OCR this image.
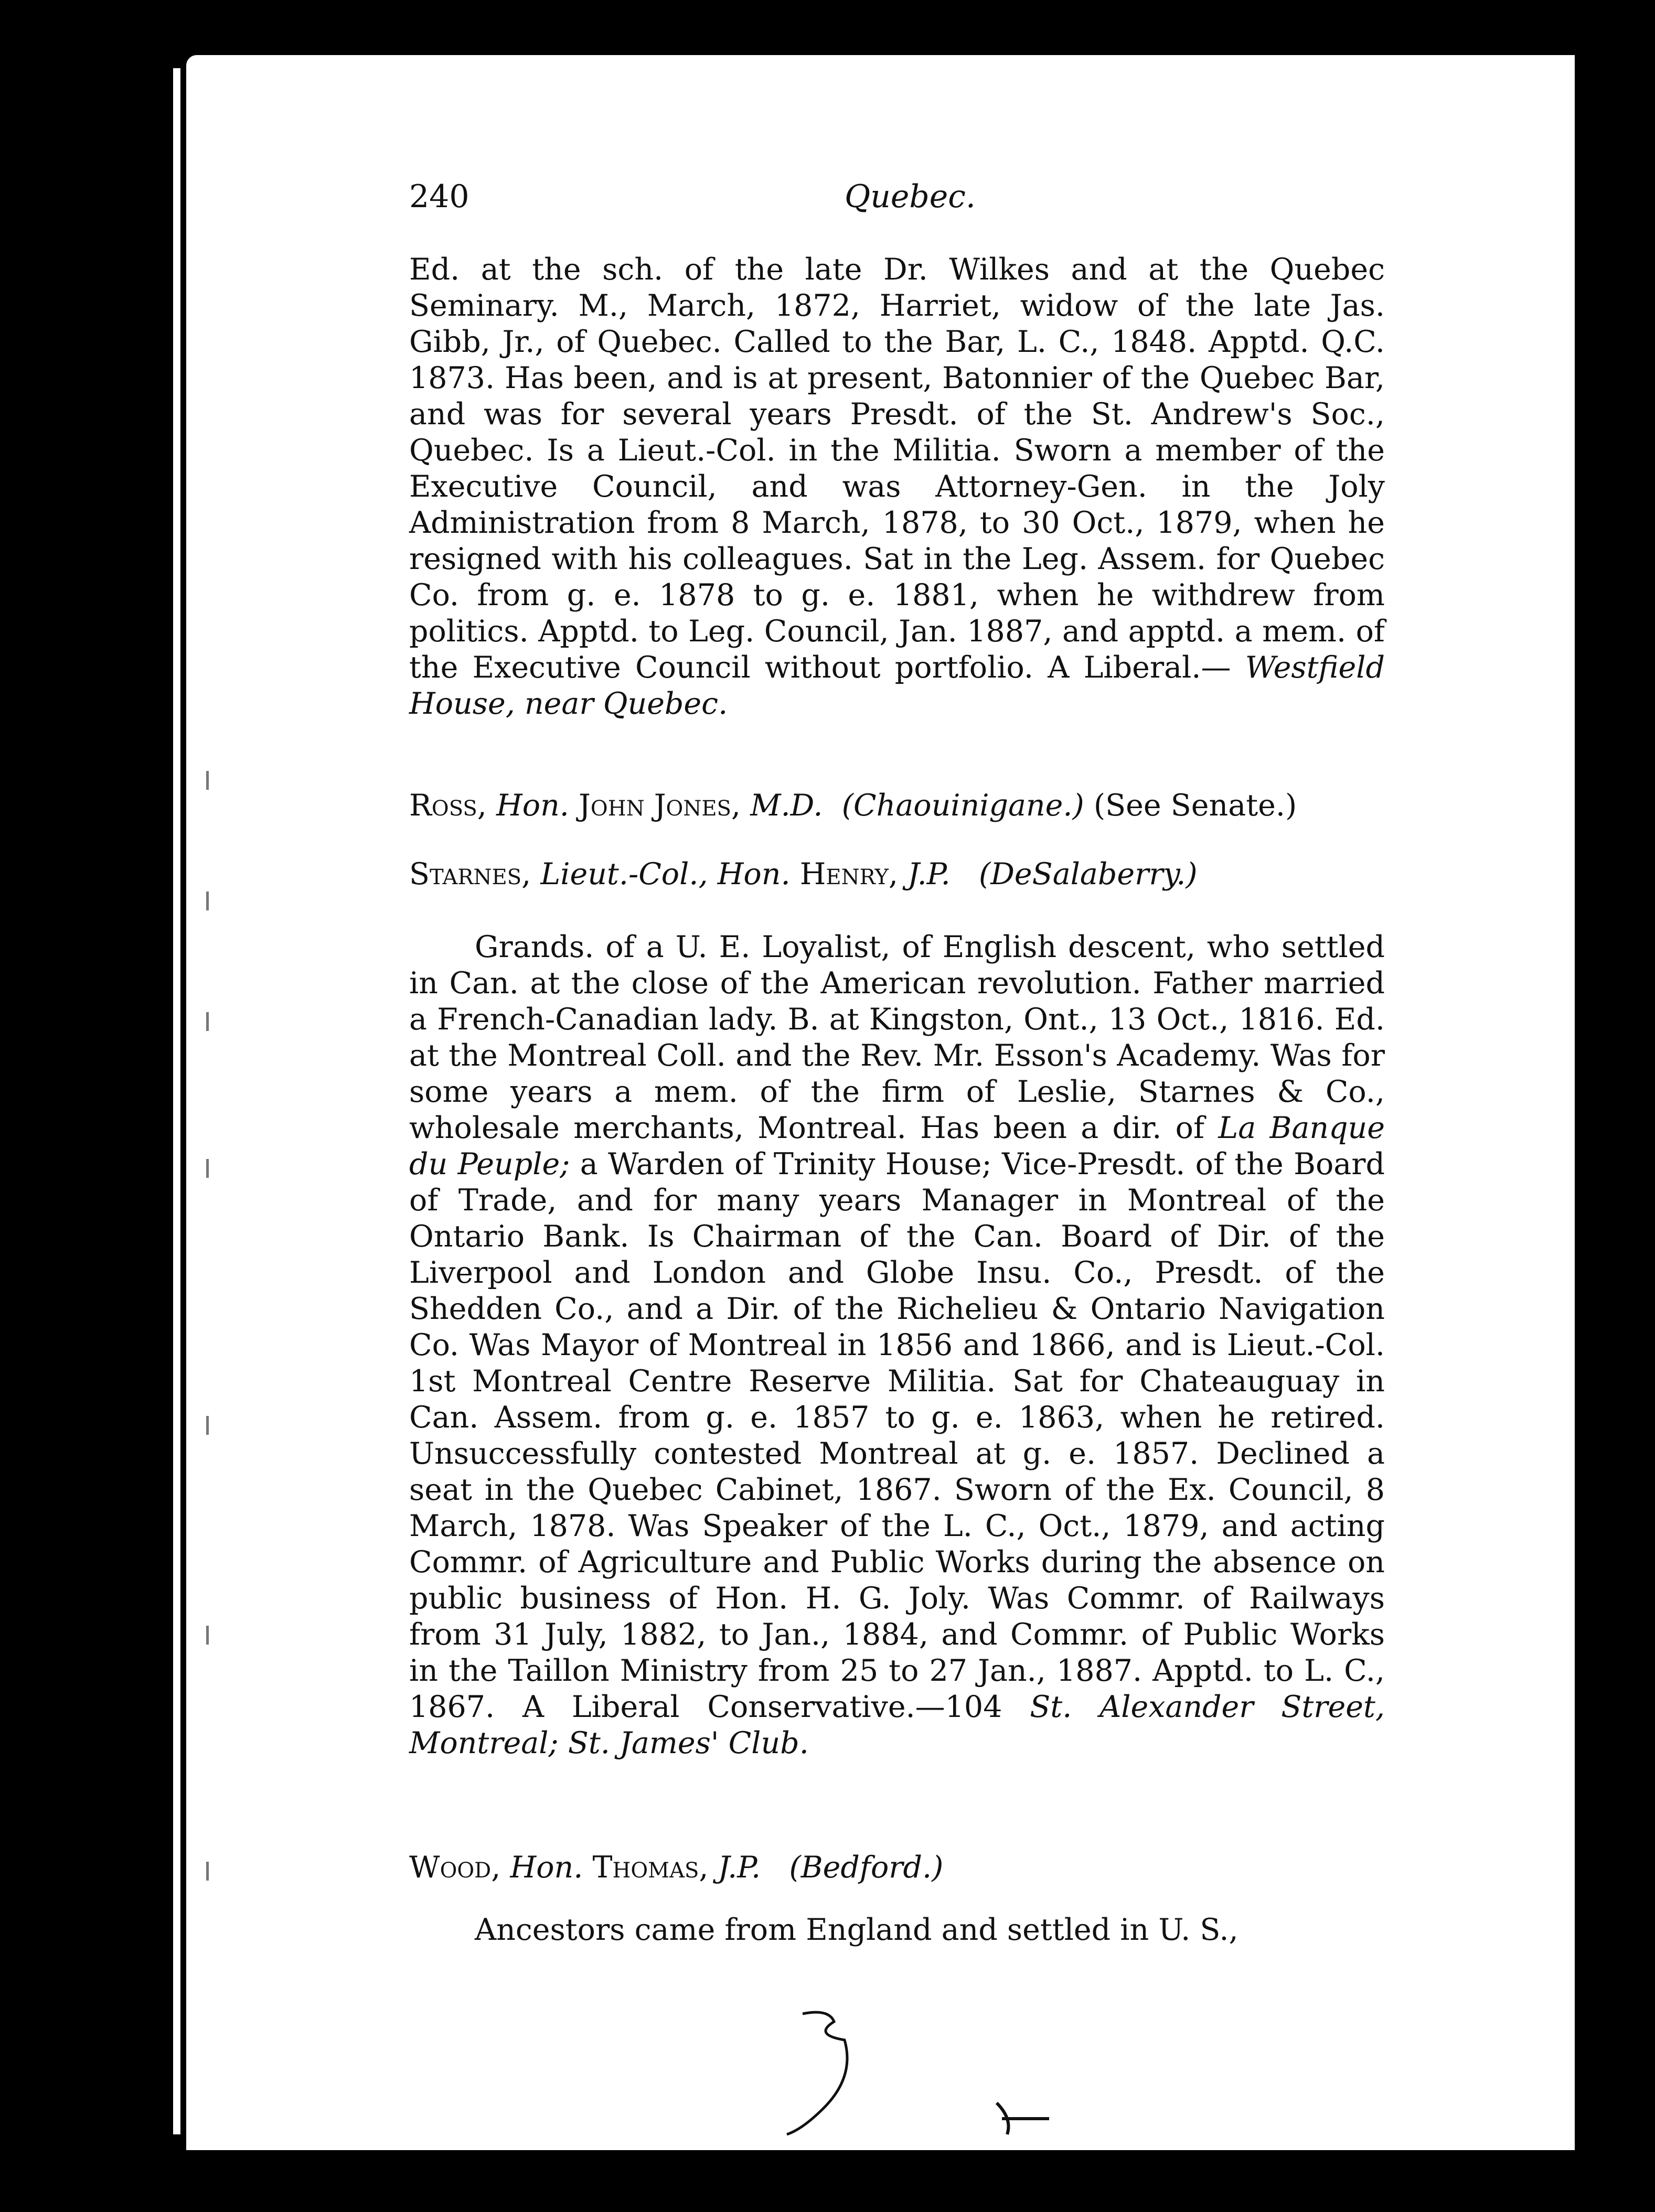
240	Quebec.

Ed. at the sch. of the late Dr. Wilkes and at the Quebec Seminary. M., March, 1872, Harriet, widow of the late Jas. Gibb, Jr., of Quebec. Called to the Bar, L. C., 1848. Apptd. Q.C. 1873. Has been, and is at present, Batonnier of the Quebec Bar, and was for several years Presdt. of the St. Andrew's Soc., Quebec. Is a Lieut.-Col. in the Militia. Sworn a member of the Executive Council, and was Attorney-Gen. in the Joly Administration from 8 March, 1878, to 30 Oct., 1879, when he resigned with his colleagues. Sat in the Leg. Assem. for Quebec Co. from g. e. 1878 to g. e. 1881, when he withdrew from politics. Apptd. to Leg. Council, Jan. 1887, and apptd. a mem. of the Executive Council without portfolio. A Liberal.— Westfield House, near Quebec.

Ross, Hon. John Jones, M.D. (Chaouinigane.) (See Senate.)

Starnes, Lieut.-Col., Hon. Henry, J.P. (DeSalaberry.)

Grands. of a U. E. Loyalist, of English descent, who settled in Can. at the close of the American revolution. Father married a French-Canadian lady. B. at Kingston, Ont., 13 Oct., 1816. Ed. at the Montreal Coll. and the Rev. Mr. Esson's Academy. Was for some years a mem. of the firm of Leslie, Starnes & Co., wholesale merchants, Montreal. Has been a dir. of La Banque du Peuple; a Warden of Trinity House; Vice-Presdt. of the Board of Trade, and for many years Manager in Montreal of the Ontario Bank. Is Chairman of the Can. Board of Dir. of the Liverpool and London and Globe Insu. Co., Presdt. of the Shedden Co., and a Dir. of the Richelieu & Ontario Navigation Co. Was Mayor of Montreal in 1856 and 1866, and is Lieut.-Col. 1st Montreal Centre Reserve Militia. Sat for Chateauguay in Can. Assem. from g. e. 1857 to g. e. 1863, when he retired. Unsuccessfully contested Montreal at g. e. 1857. Declined a seat in the Quebec Cabinet, 1867. Sworn of the Ex. Council, 8 March, 1878. Was Speaker of the L. C., Oct., 1879, and acting Commr. of Agriculture and Public Works during the absence on public business of Hon. H. G. Joly. Was Commr. of Railways from 31 July, 1882, to Jan., 1884, and Commr. of Public Works in the Taillon Ministry from 25 to 27 Jan., 1887. Apptd. to L. C., 1867. A Liberal Conservative.—104 St. Alexander Street, Montreal; St. James' Club.

Wood, Hon. Thomas, J.P. (Bedford.)

Ancestors came from England and settled in U. S.,
